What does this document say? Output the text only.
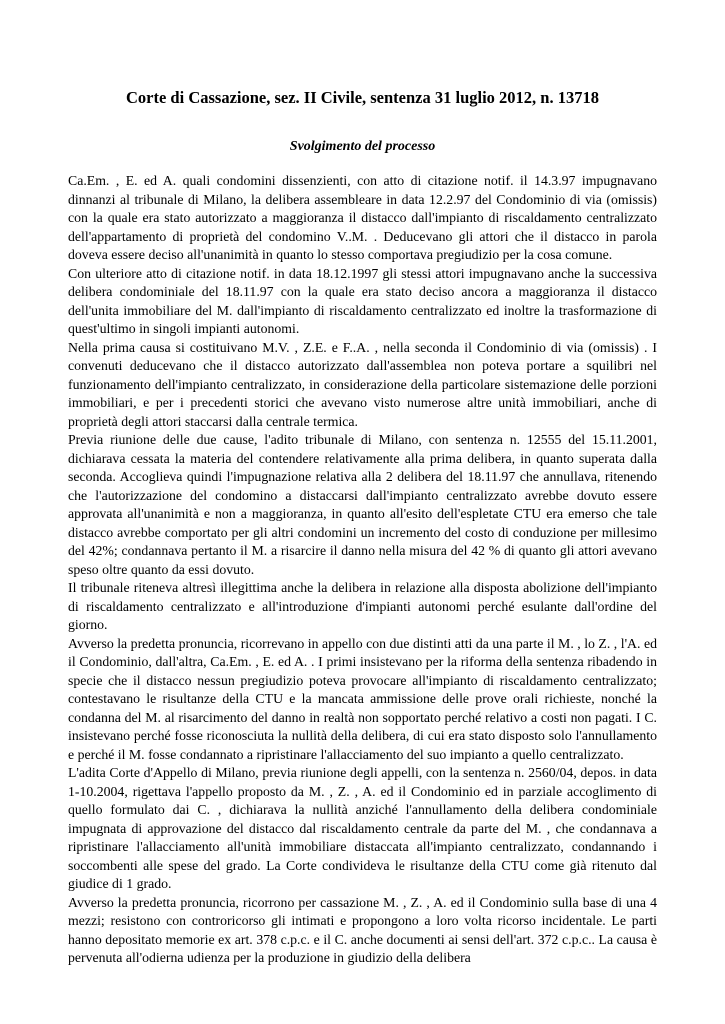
Corte di Cassazione, sez. II Civile, sentenza 31 luglio 2012, n. 13718
Svolgimento del processo

Ca.Em. , E. ed A. quali condomini dissenzienti, con atto di citazione notif. il 14.3.97 impugnavano dinnanzi al tribunale di Milano, la delibera assembleare in data 12.2.97 del Condominio di via (omissis) con la quale era stato autorizzato a maggioranza il distacco dall'impianto di riscaldamento centralizzato dell'appartamento di proprietà del condomino V..M. . Deducevano gli attori che il distacco in parola doveva essere deciso all'unanimità in quanto lo stesso comportava pregiudizio per la cosa comune.

Con ulteriore atto di citazione notif. in data 18.12.1997 gli stessi attori impugnavano anche la successiva delibera condominiale del 18.11.97 con la quale era stato deciso ancora a maggioranza il distacco dell'unita immobiliare del M. dall'impianto di riscaldamento centralizzato ed inoltre la trasformazione di quest'ultimo in singoli impianti autonomi.

Nella prima causa si costituivano M.V. , Z.E. e F..A. , nella seconda il Condominio di via (omissis) . I convenuti deducevano che il distacco autorizzato dall'assemblea non poteva portare a squilibri nel funzionamento dell'impianto centralizzato, in considerazione della particolare sistemazione delle porzioni immobiliari, e per i precedenti storici che avevano visto numerose altre unità immobiliari, anche di proprietà degli attori staccarsi dalla centrale termica.

Previa riunione delle due cause, l'adito tribunale di Milano, con sentenza n. 12555 del 15.11.2001, dichiarava cessata la materia del contendere relativamente alla prima delibera, in quanto superata dalla seconda. Accoglieva quindi l'impugnazione relativa alla 2 delibera del 18.11.97 che annullava, ritenendo che l'autorizzazione del condomino a distaccarsi dall'impianto centralizzato avrebbe dovuto essere approvata all'unanimità e non a maggioranza, in quanto all'esito dell'espletate CTU era emerso che tale distacco avrebbe comportato per gli altri condomini un incremento del costo di conduzione per millesimo del 42%; condannava pertanto il M. a risarcire il danno nella misura del 42 % di quanto gli attori avevano speso oltre quanto da essi dovuto.

Il tribunale riteneva altresì illegittima anche la delibera in relazione alla disposta abolizione dell'impianto di riscaldamento centralizzato e all'introduzione d'impianti autonomi perché esulante dall'ordine del giorno.

Avverso la predetta pronuncia, ricorrevano in appello con due distinti atti da una parte il M. , lo Z. , l'A. ed il Condominio, dall'altra, Ca.Em. , E. ed A. . I primi insistevano per la riforma della sentenza ribadendo in specie che il distacco nessun pregiudizio poteva provocare all'impianto di riscaldamento centralizzato; contestavano le risultanze della CTU e la mancata ammissione delle prove orali richieste, nonché la condanna del M. al risarcimento del danno in realtà non sopportato perché relativo a costi non pagati. I C. insistevano perché fosse riconosciuta la nullità della delibera, di cui era stato disposto solo l'annullamento e perché il M. fosse condannato a ripristinare l'allacciamento del suo impianto a quello centralizzato.

L'adita Corte d'Appello di Milano, previa riunione degli appelli, con la sentenza n. 2560/04, depos. in data 1-10.2004, rigettava l'appello proposto da M. , Z. , A. ed il Condominio ed in parziale accoglimento di quello formulato dai C. , dichiarava la nullità anziché l'annullamento della delibera condominiale impugnata di approvazione del distacco dal riscaldamento centrale da parte del M. , che condannava a ripristinare l'allacciamento all'unità immobiliare distaccata all'impianto centralizzato, condannando i soccombenti alle spese del grado. La Corte condivideva le risultanze della CTU come già ritenuto dal giudice di 1 grado.

Avverso la predetta pronuncia, ricorrono per cassazione M. , Z. , A. ed il Condominio sulla base di una 4 mezzi; resistono con controricorso gli intimati e propongono a loro volta ricorso incidentale. Le parti hanno depositato memorie ex art. 378 c.p.c. e il C. anche documenti ai sensi dell'art. 372 c.p.c.. La causa è pervenuta all'odierna udienza per la produzione in giudizio della delibera
